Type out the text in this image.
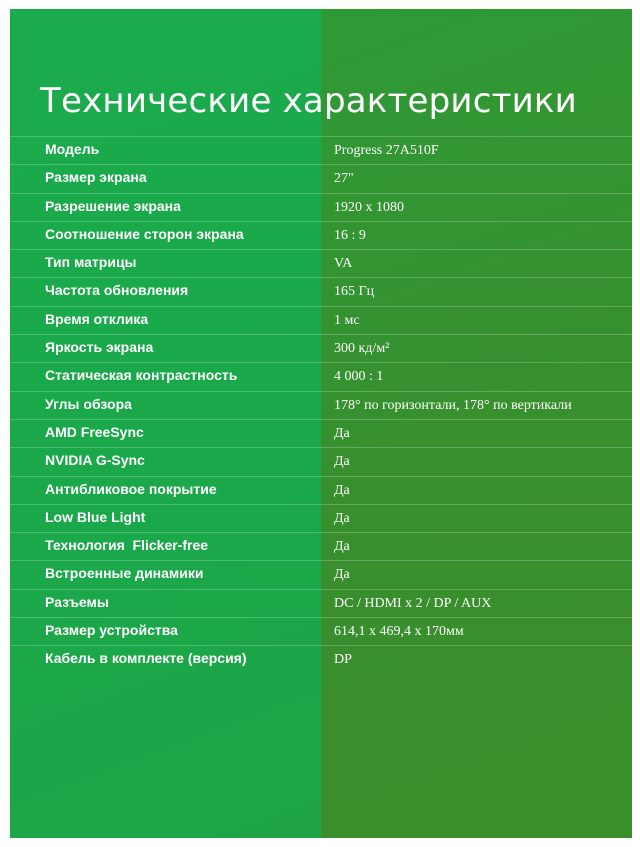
Технические характеристики
Модель	Progress 27A510F
Размер экрана	27"
Разрешение экрана	1920 x 1080
Соотношение сторон экрана	16 : 9
Тип матрицы	VA
Частота обновления	165 Гц
Время отклика	1 мс
Яркость экрана	300 кд/м²
Статическая контрастность	4 000 : 1
Углы обзора	178° по горизонтали, 178° по вертикали
AMD FreeSync	Да
NVIDIA G-Sync	Да
Антибликовое покрытие	Да
Low Blue Light	Да
Технология  Flicker-free	Да
Встроенные динамики	Да
Разъемы	DC / HDMI x 2 / DP / AUX
Размер устройства	614,1 x 469,4 x 170мм
Кабель в комплекте (версия)	DP
